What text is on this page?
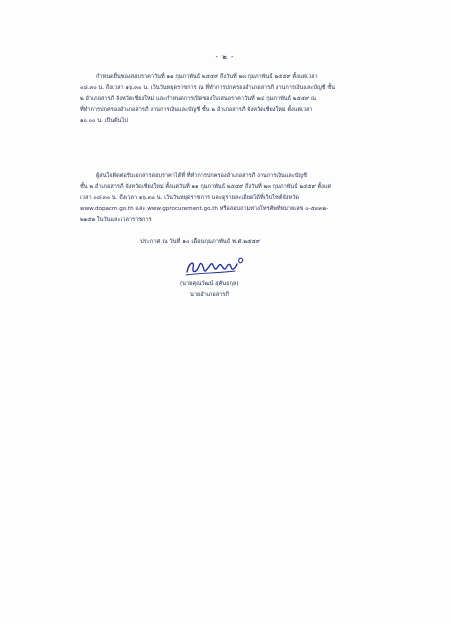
- ๒ -

กำหนดยื่นซองสอบราคาวันที่ ๑๑ กุมภาพันธ์ ๒๕๕๙ ถึงวันที่ ๒๓ กุมภาพันธ์ ๒๕๕๙ ตั้งแต่เวลา
๐๘.๓๐ น. ถึงเวลา ๑๖.๓๐ น. เว้นวันหยุดราชการ ณ ที่ทำการปกครองอำเภอสารภี งานการเงินและบัญชี ชั้น
๒ อำเภอสารภี จังหวัดเชียงใหม่ และกำหนดการเปิดซองใบเสนอราคาวันที่ ๒๔ กุมภาพันธ์ ๒๕๕๙ ณ
ที่ทำการปกครองอำเภอสารภี งานการเงินและบัญชี ชั้น ๒ อำเภอสารภี จังหวัดเชียงใหม่ ตั้งแต่เวลา
๑๐.๐๐ น. เป็นต้นไป

ผู้สนใจติดต่อรับเอกสารสอบราคาได้ที่ ที่ทำการปกครองอำเภอสารภี งานการเงินและบัญชี
ชั้น ๒ อำเภอสารภี จังหวัดเชียงใหม่ ตั้งแต่วันที่ ๑๑ กุมภาพันธ์ ๒๕๕๙ ถึงวันที่ ๒๓ กุมภาพันธ์ ๒๕๕๙ ตั้งแต่
เวลา ๐๘.๓๐ น. ถึงเวลา ๑๖.๓๐ น. เว้นวันหยุดราชการ และดูรายละเอียดได้ที่เว็บไซต์จังหวัด
www.dopacm.go.th และ www.gprocurement.go.th หรือสอบถามทางโทรศัพท์หมายเลข ๐-๕๓๓๒-
๒๑๕๒ ในวันและเวลาราชการ

ประกาศ ณ วันที่ ๑๐ เดือนกุมภาพันธ์ พ.ศ.๒๕๕๙
(นายคุณวัฒน์ สุคันธกุล)
นายอำเภอสารภี
